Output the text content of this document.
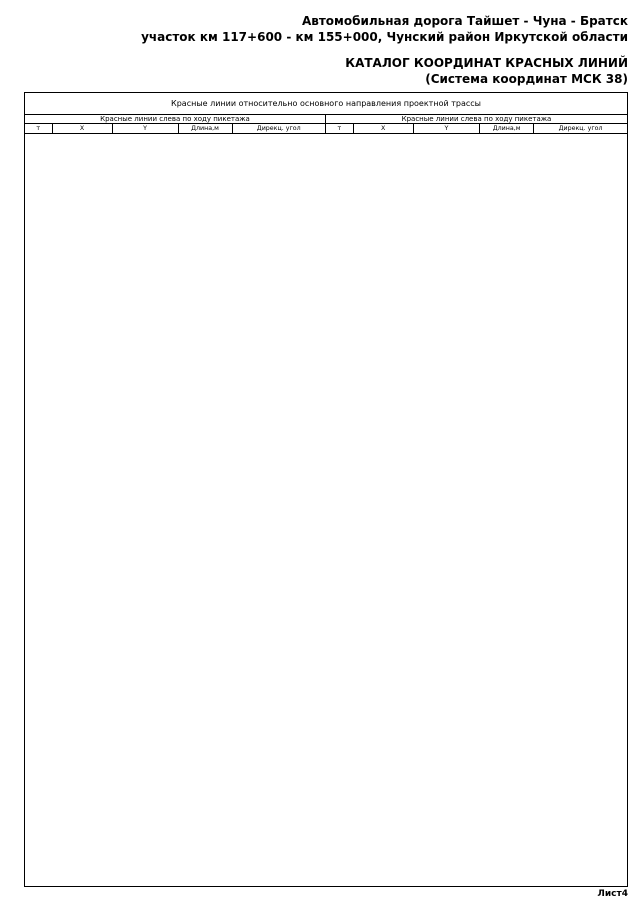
Автомобильная дорога Тайшет - Чуна - Братск
участок км 117+600 - км 155+000, Чунский район Иркутской области
КАТАЛОГ КООРДИНАТ КРАСНЫХ ЛИНИЙ
(Система координат МСК 38)
Красные линии относительно основного направления проектной трассы
Красные линии слева по ходу пикетажа
т	X	Y	Длина,м	Дирекц. угол
Красные линии слева по ходу пикетажа
т	X	Y	Длина,м	Дирекц. угол
Лист4
